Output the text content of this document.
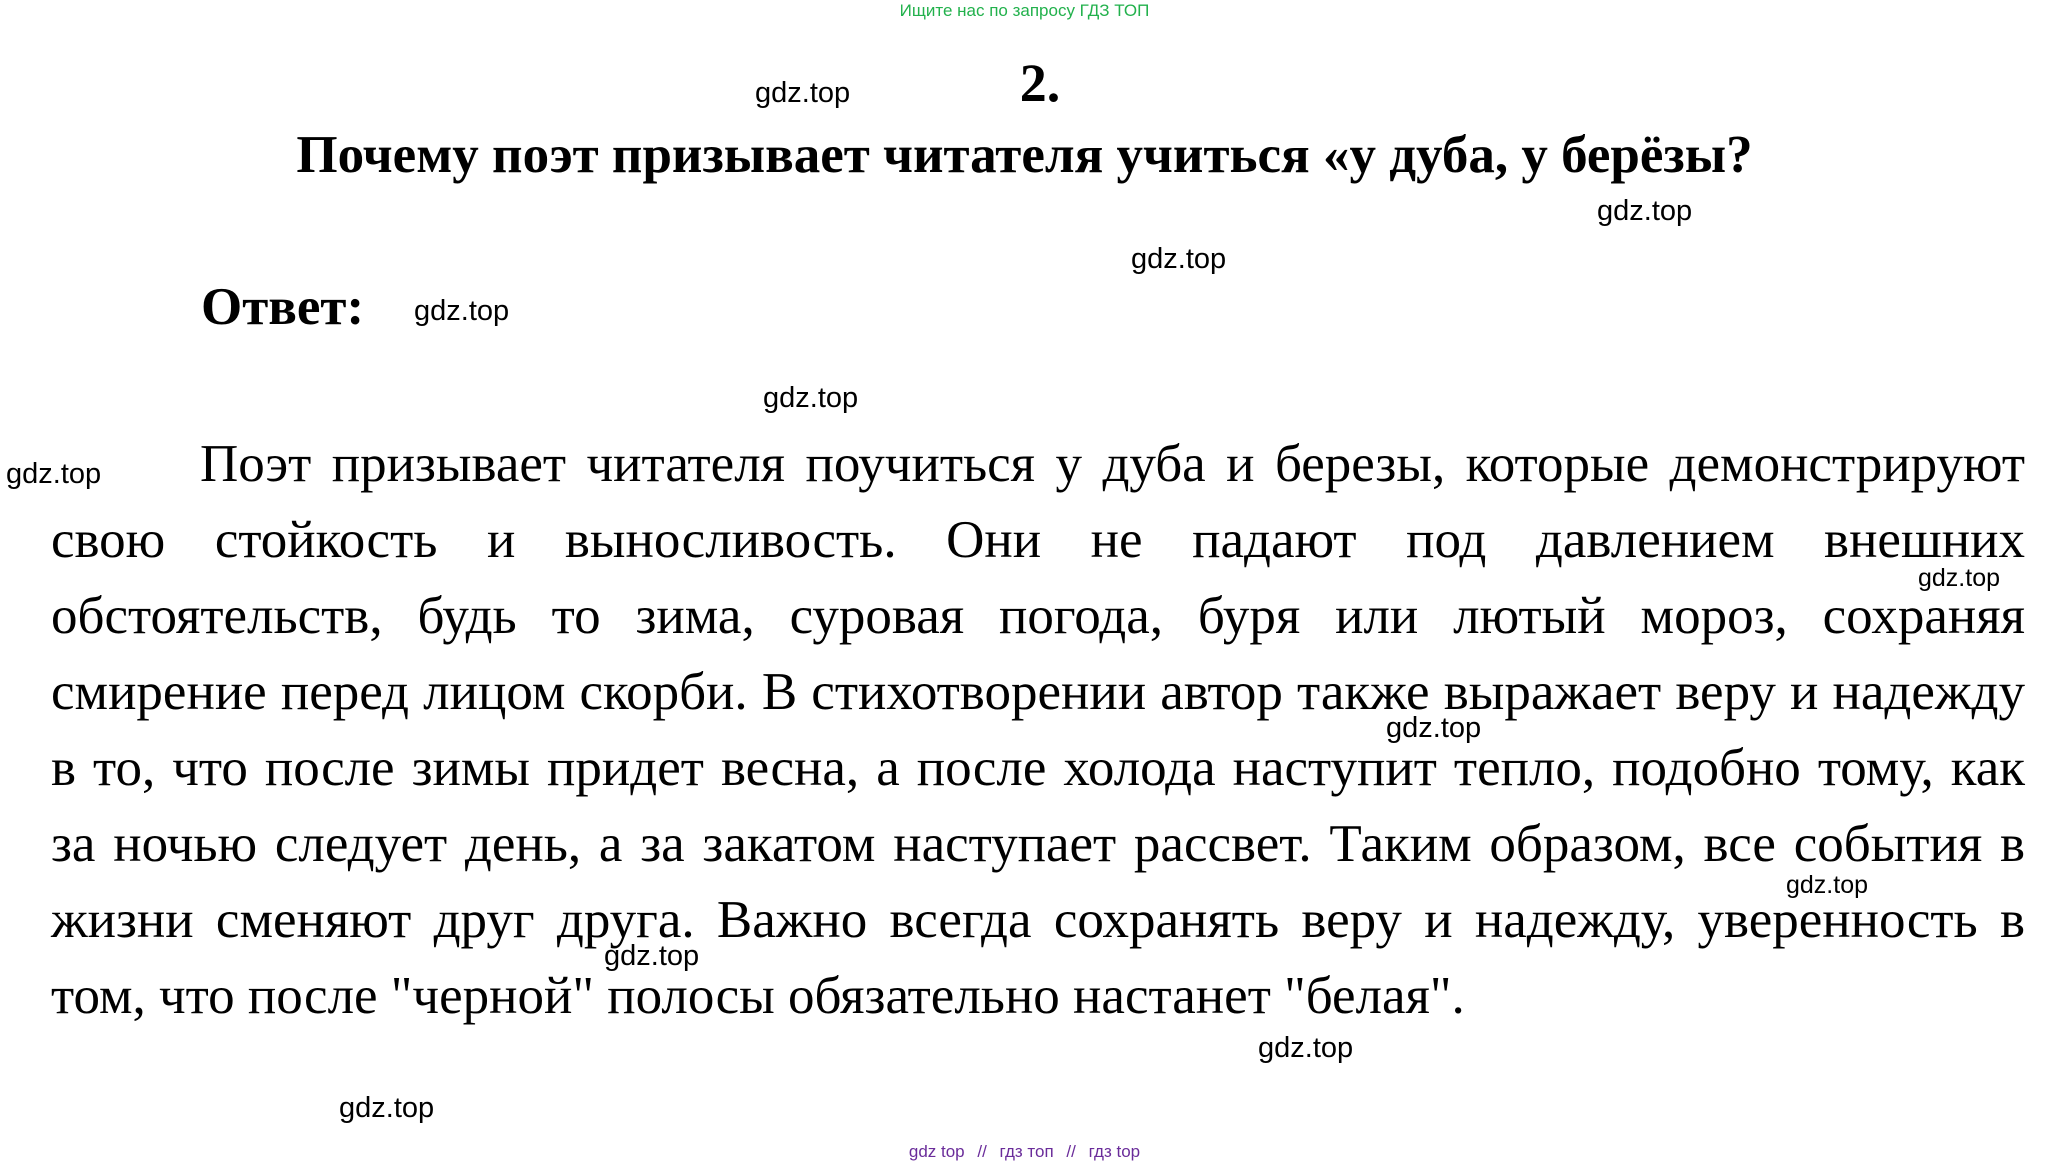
Ищите нас по запросу ГДЗ ТОП
2.
Почему поэт призывает читателя учиться «у дуба, у берёзы?
Ответ:
Поэт призывает читателя поучиться у дуба и березы, которые демонстрируют свою стойкость и выносливость. Они не падают под давлением внешних обстоятельств, будь то зима, суровая погода, буря или лютый мороз, сохраняя смирение перед лицом скорби. В стихотворении автор также выражает веру и надежду в то, что после зимы придет весна, а после холода наступит тепло, подобно тому, как за ночью следует день, а за закатом наступает рассвет. Таким образом, все события в жизни сменяют друг друга. Важно всегда сохранять веру и надежду, уверенность в том, что после "черной" полосы обязательно настанет "белая".
gdz.top
gdz.top
gdz.top
gdz.top
gdz.top
gdz.top
gdz.top
gdz.top
gdz.top
gdz.top
gdz.top
gdz.top
gdz top // гдз топ // гдз top
